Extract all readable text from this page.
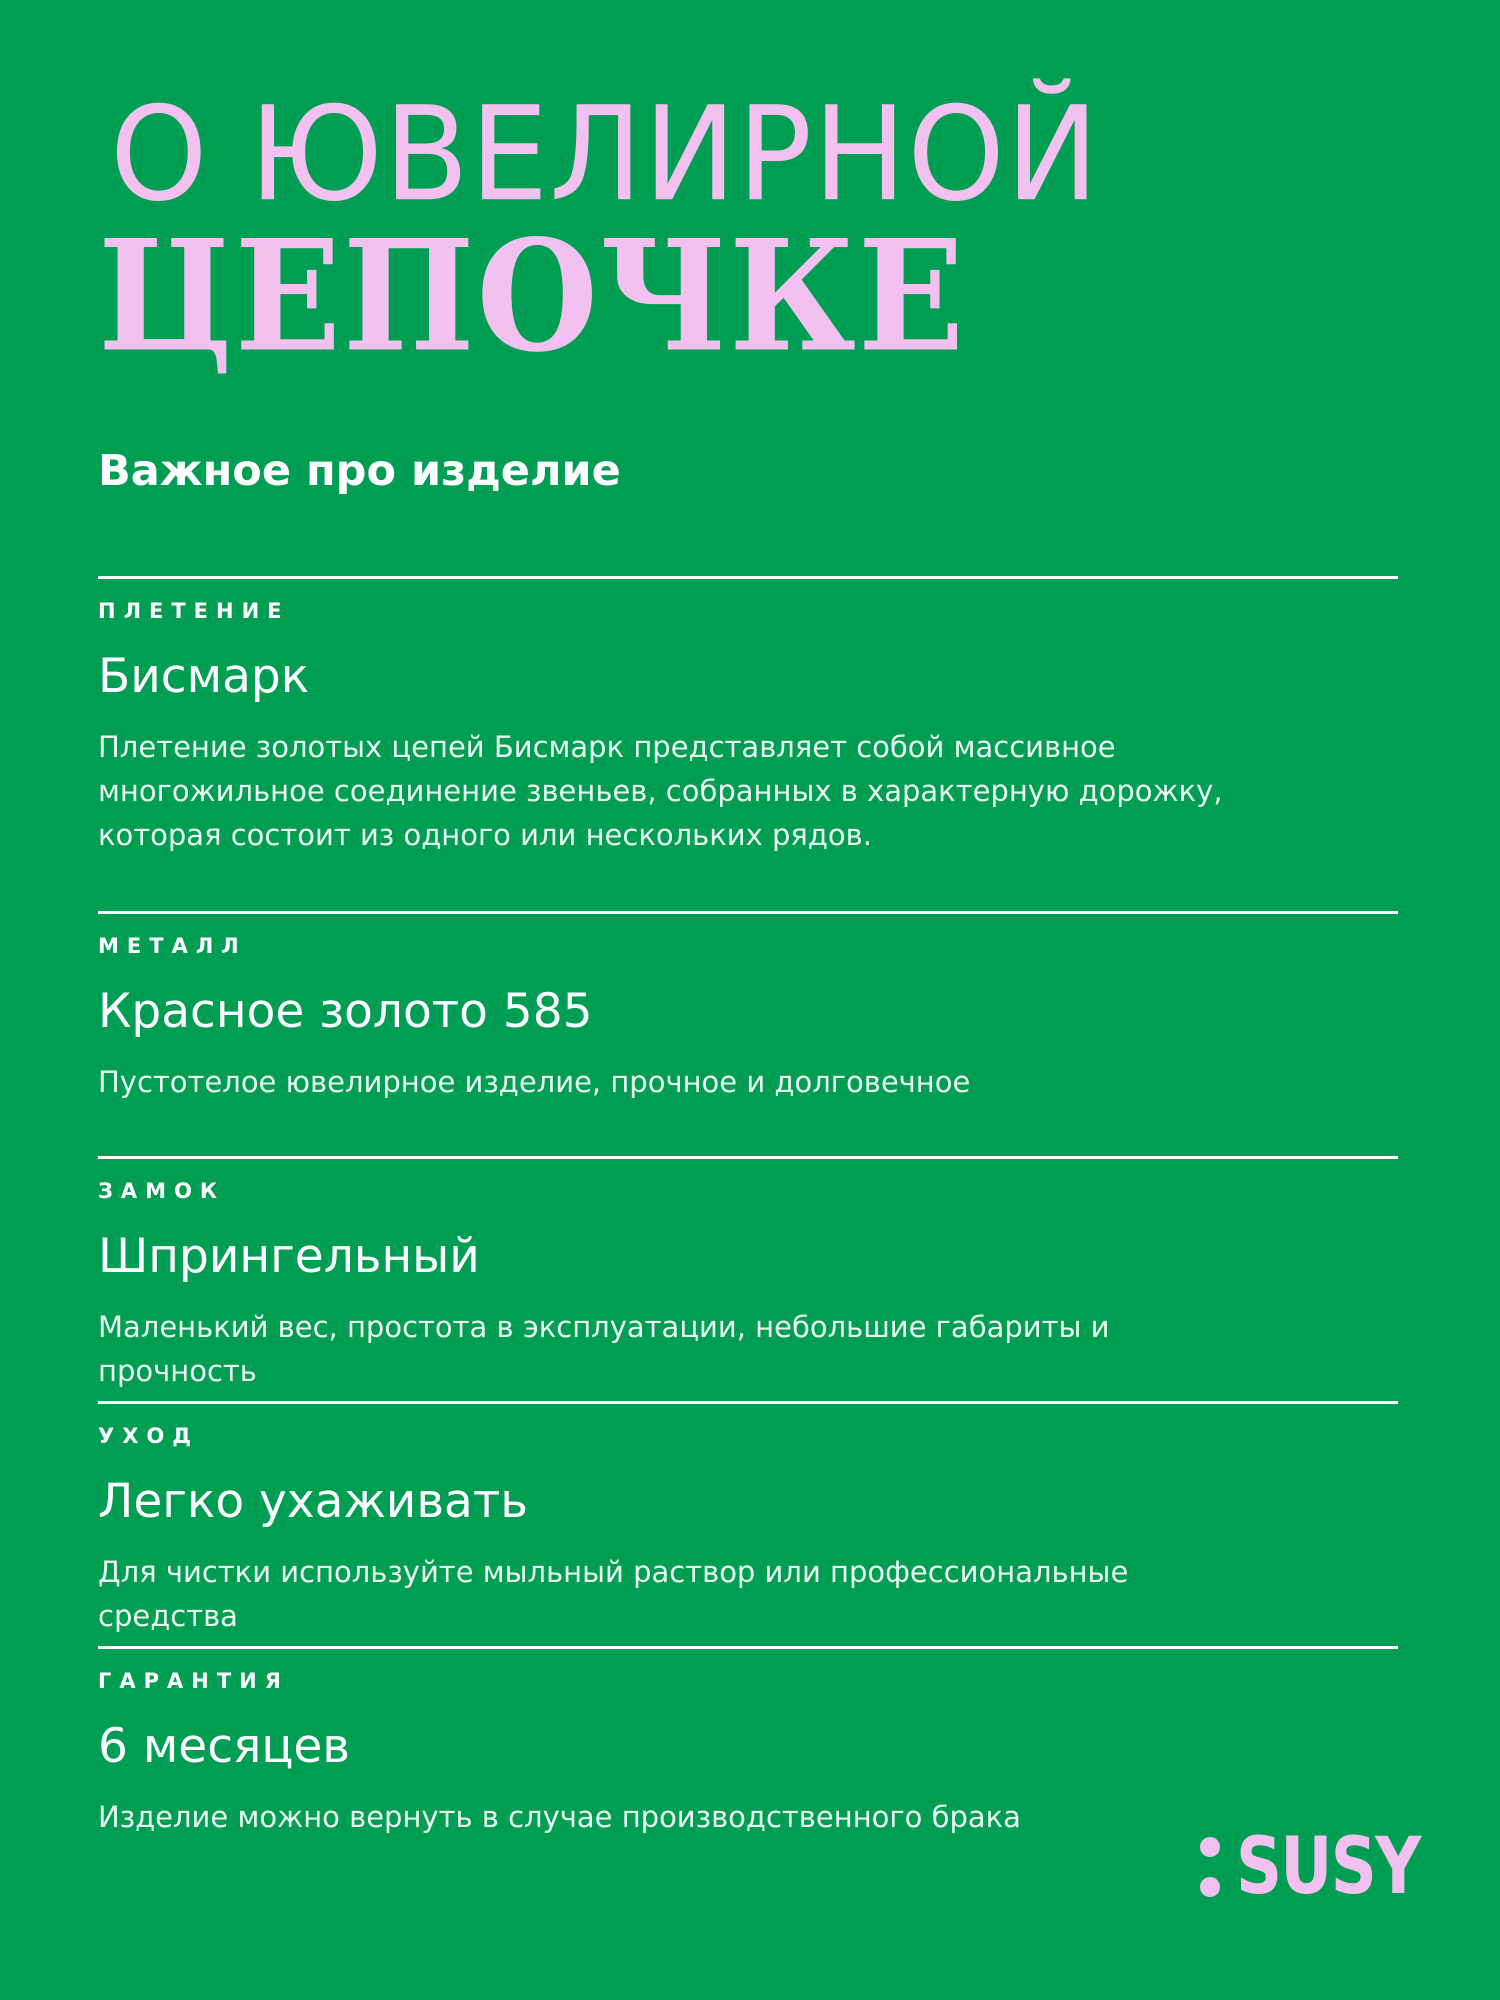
О ЮВЕЛИРНОЙ
ЦЕПОЧКЕ
Важное про изделие
ПЛЕТЕНИЕ
Бисмарк
Плетение золотых цепей Бисмарк представляет собой массивное многожильное соединение звеньев, собранных в характерную дорожку, которая состоит из одного или нескольких рядов.
МЕТАЛЛ
Красное золото 585
Пустотелое ювелирное изделие, прочное и долговечное
ЗАМОК
Шпрингельный
Маленький вес, простота в эксплуатации, небольшие габариты и прочность
УХОД
Легко ухаживать
Для чистки используйте мыльный раствор или профессиональные средства
ГАРАНТИЯ
6 месяцев
Изделие можно вернуть в случае производственного брака
SUSY
